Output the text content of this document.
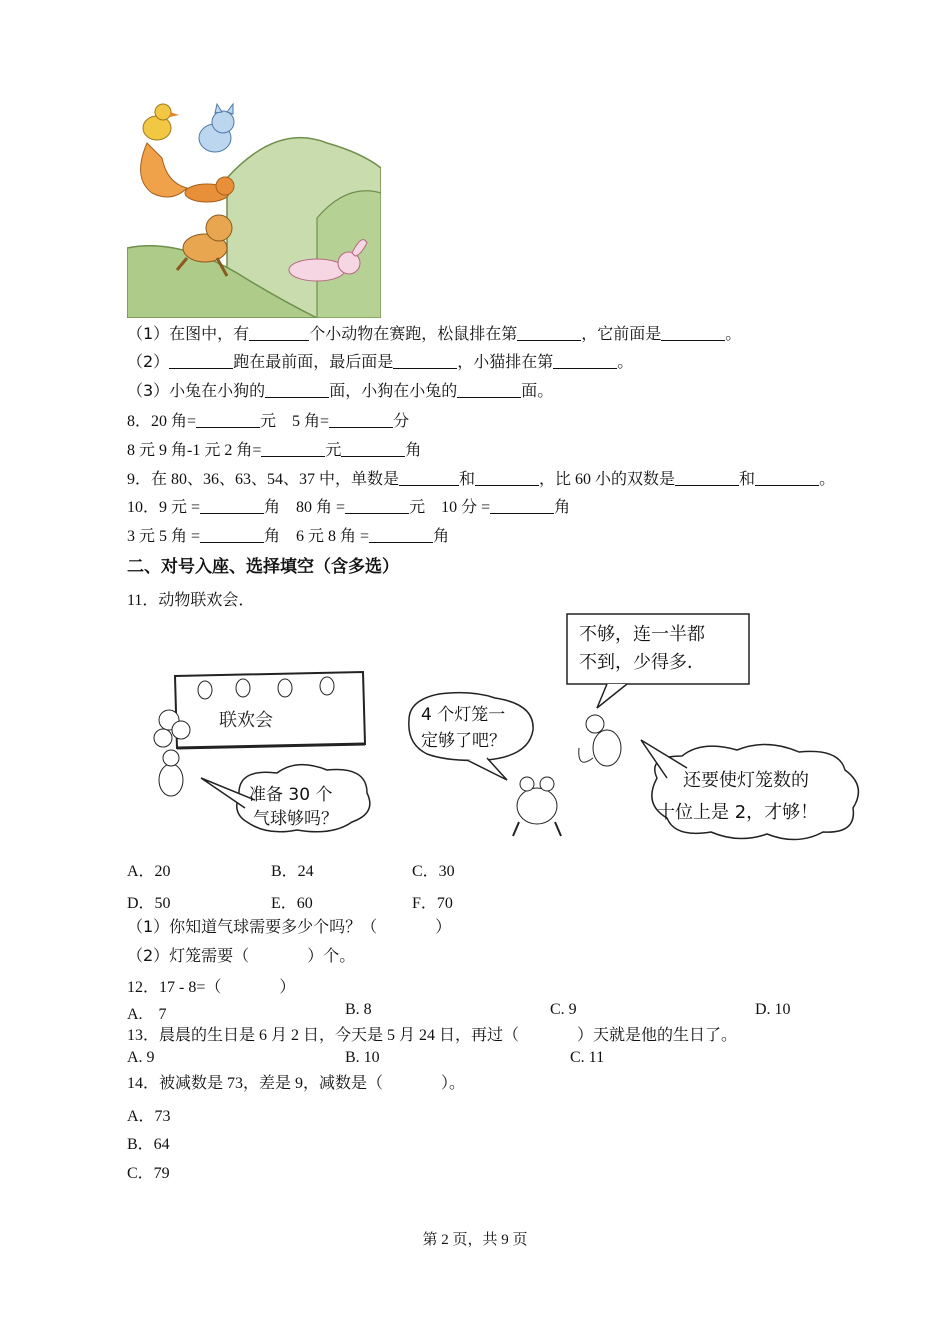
（1）在图中，有	个小动物在赛跑，松鼠排在第	，它前面是	。
（2）	跑在最前面，最后面是	，小猫排在第	。
（3）小兔在小狗的	面，小狗在小兔的	面。
8．20 角=	元　5 角=	分
8 元 9 角-1 元 2 角=	元	角
9．在 80、36、63、54、37 中，单数是	和	，比 60 小的双数是	和	。
10．9 元 =	角　80 角 =	元　10 分 =	角
3 元 5 角 =	角　6 元 8 角 =	角
二、对号入座、选择填空（含多选）
11．动物联欢会．
联欢会
准备 30 个
气球够吗？
4 个灯笼一
定够了吧？
不够，连一半都
不到，少得多．
还要使灯笼数的
十位上是 2，才够！
A．20	B．24	C．30
D．50	E．60	F．70
（1）你知道气球需要多少个吗？（	）
（2）灯笼需要（	）个。
12．17 - 8=（	）
A.　7	B. 8	C. 9	D. 10
13．晨晨的生日是 6 月 2 日，今天是 5 月 24 日，再过（	）天就是他的生日了。
A. 9	B. 10	C. 11
14．被减数是 73，差是 9，减数是（	）。
A．73
B．64
C．79
第 2 页，共 9 页
